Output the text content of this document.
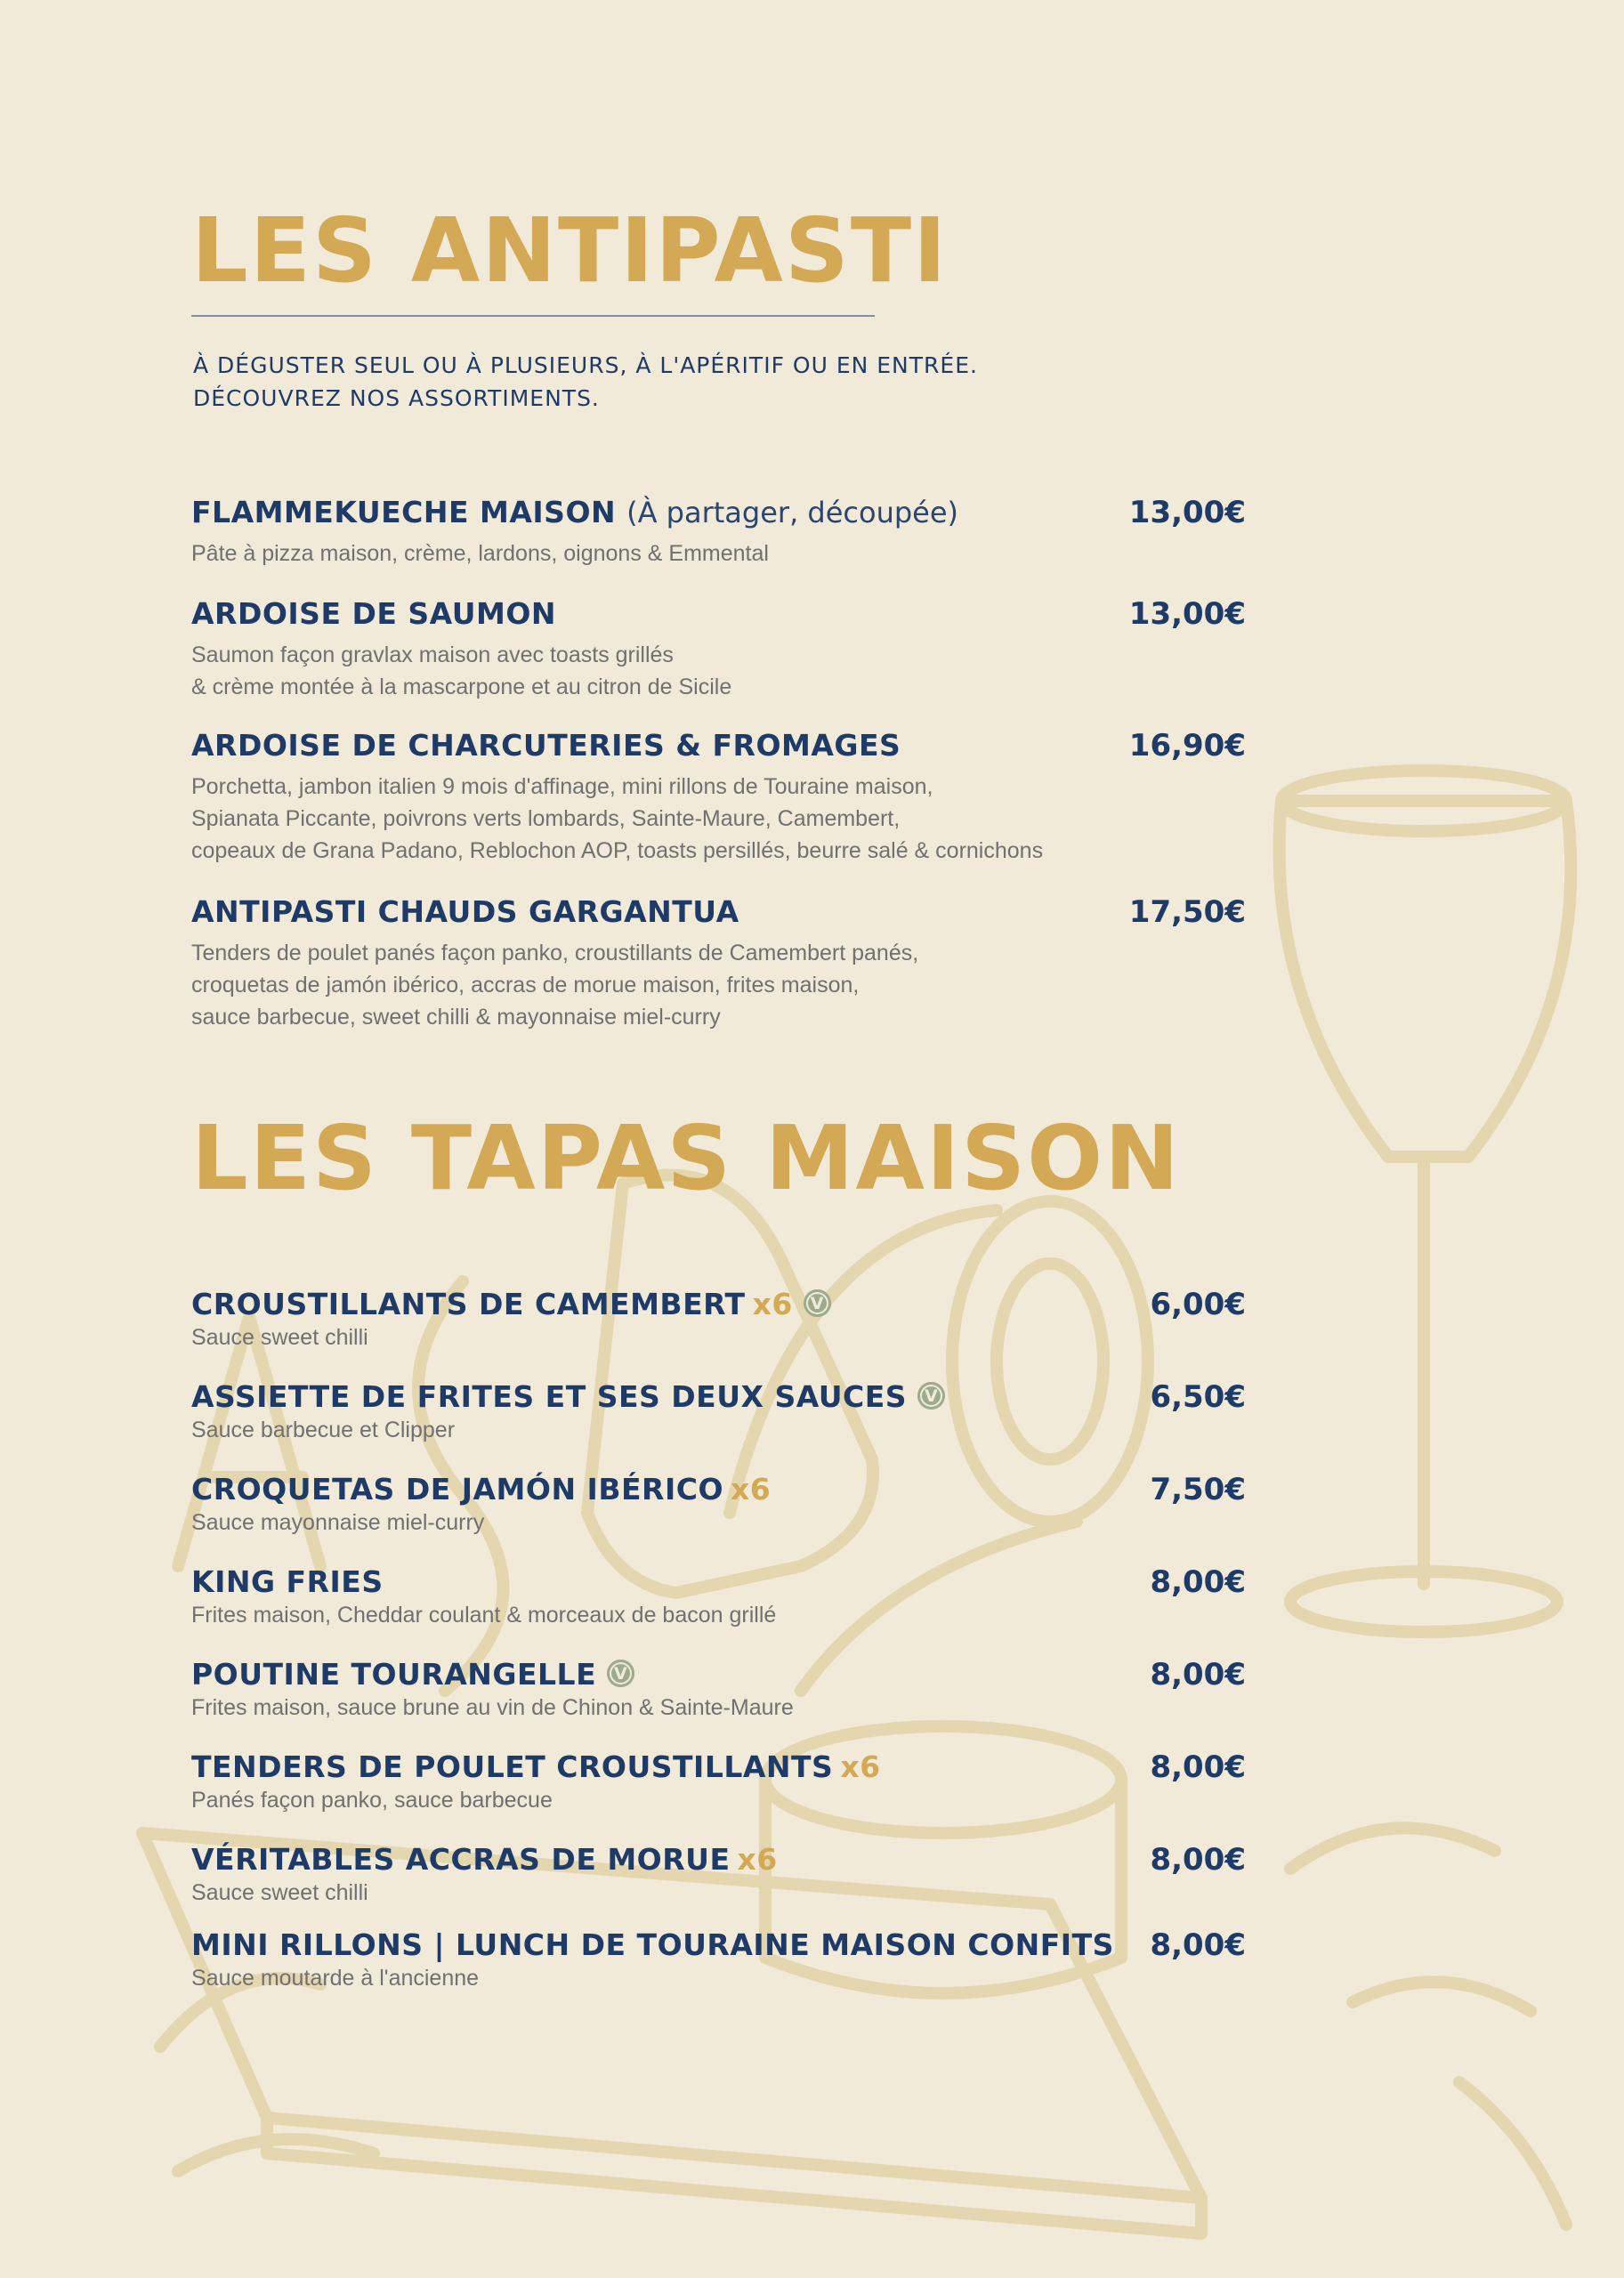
LES ANTIPASTI
À DÉGUSTER SEUL OU À PLUSIEURS, À L'APÉRITIF OU EN ENTRÉE.
DÉCOUVREZ NOS ASSORTIMENTS.
FLAMMEKUECHE MAISON (À partager, découpée)	13,00€
Pâte à pizza maison, crème, lardons, oignons & Emmental
ARDOISE DE SAUMON	13,00€
Saumon façon gravlax maison avec toasts grillés
& crème montée à la mascarpone et au citron de Sicile
ARDOISE DE CHARCUTERIES & FROMAGES	16,90€
Porchetta, jambon italien 9 mois d'affinage, mini rillons de Touraine maison,
Spianata Piccante, poivrons verts lombards, Sainte-Maure, Camembert,
copeaux de Grana Padano, Reblochon AOP, toasts persillés, beurre salé & cornichons
ANTIPASTI CHAUDS GARGANTUA	17,50€
Tenders de poulet panés façon panko, croustillants de Camembert panés,
croquetas de jamón ibérico, accras de morue maison, frites maison,
sauce barbecue, sweet chilli & mayonnaise miel-curry
LES TAPAS MAISON
CROUSTILLANTS DE CAMEMBERT x6 V	6,00€
Sauce sweet chilli
ASSIETTE DE FRITES ET SES DEUX SAUCES V	6,50€
Sauce barbecue et Clipper
CROQUETAS DE JAMÓN IBÉRICO x6	7,50€
Sauce mayonnaise miel-curry
KING FRIES	8,00€
Frites maison, Cheddar coulant & morceaux de bacon grillé
POUTINE TOURANGELLE V	8,00€
Frites maison, sauce brune au vin de Chinon & Sainte-Maure
TENDERS DE POULET CROUSTILLANTS x6	8,00€
Panés façon panko, sauce barbecue
VÉRITABLES ACCRAS DE MORUE x6	8,00€
Sauce sweet chilli
MINI RILLONS | LUNCH DE TOURAINE MAISON CONFITS	8,00€
Sauce moutarde à l'ancienne
